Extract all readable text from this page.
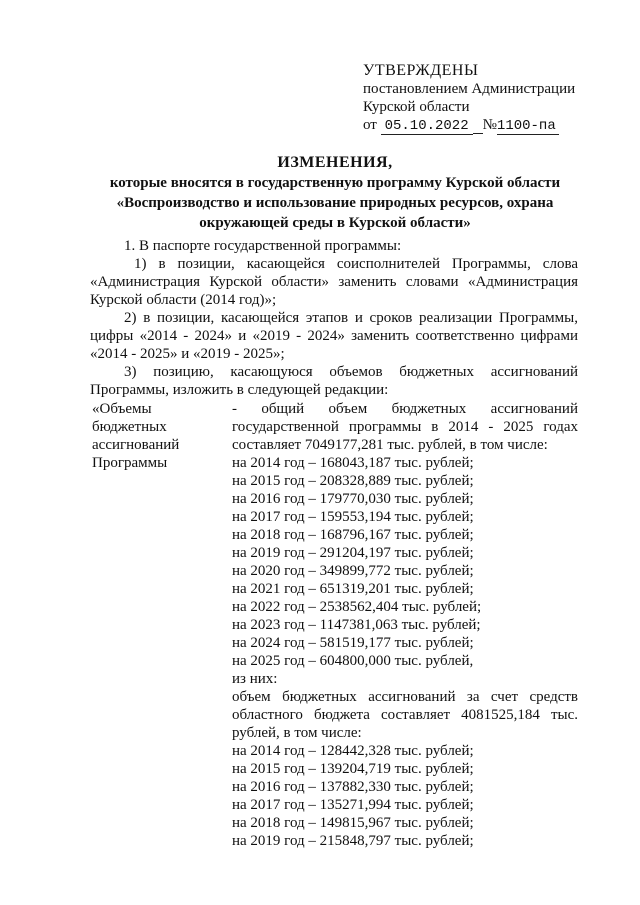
УТВЕРЖДЕНЫ
постановлением Администрации
Курской области
от 05.10.2022 №1100-па
ИЗМЕНЕНИЯ,
которые вносятся в государственную программу Курской области
«Воспроизводство и использование природных ресурсов, охрана
окружающей среды в Курской области»

1. В паспорте государственной программы:

1) в позиции, касающейся соисполнителей Программы, слова «Администрация Курской области» заменить словами «Администрация Курской области (2014 год)»;

2) в позиции, касающейся этапов и сроков реализации Программы, цифры «2014 - 2024» и «2019 - 2024» заменить соответственно цифрами «2014 - 2025» и «2019 - 2025»;

3) позицию, касающуюся объемов бюджетных ассигнований Программы, изложить в следующей редакции:

«Объемы

бюджетных

ассигнований

Программы

- общий объем бюджетных ассигнований государственной программы в 2014 - 2025 годах составляет 7049177,281 тыс. рублей, в том числе:

на 2014 год – 168043,187 тыс. рублей;

на 2015 год – 208328,889 тыс. рублей;

на 2016 год – 179770,030 тыс. рублей;

на 2017 год – 159553,194 тыс. рублей;

на 2018 год – 168796,167 тыс. рублей;

на 2019 год – 291204,197 тыс. рублей;

на 2020 год – 349899,772 тыс. рублей;

на 2021 год – 651319,201 тыс. рублей;

на 2022 год – 2538562,404 тыс. рублей;

на 2023 год – 1147381,063 тыс. рублей;

на 2024 год – 581519,177 тыс. рублей;

на 2025 год – 604800,000 тыс. рублей,

из них:

объем бюджетных ассигнований за счет средств областного бюджета составляет 4081525,184 тыс. рублей, в том числе:

на 2014 год – 128442,328 тыс. рублей;

на 2015 год – 139204,719 тыс. рублей;

на 2016 год – 137882,330 тыс. рублей;

на 2017 год – 135271,994 тыс. рублей;

на 2018 год – 149815,967 тыс. рублей;

на 2019 год – 215848,797 тыс. рублей;
